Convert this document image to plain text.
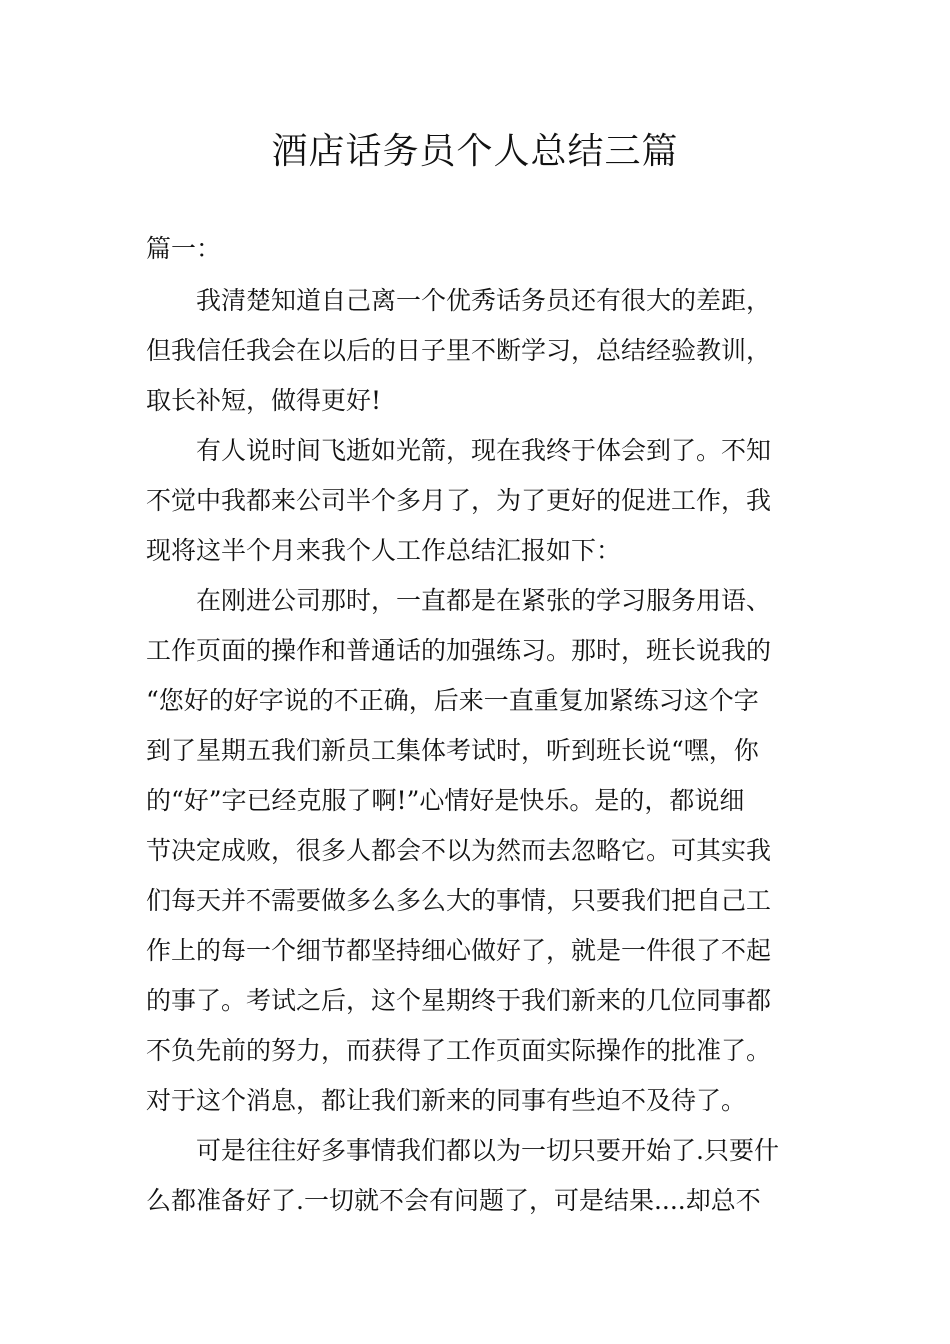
酒店话务员个人总结三篇

篇一：

我清楚知道自己离一个优秀话务员还有很大的差距，

但我信任我会在以后的日子里不断学习，总结经验教训，

取长补短，做得更好!

有人说时间飞逝如光箭，现在我终于体会到了。不知

不觉中我都来公司半个多月了，为了更好的促进工作，我

现将这半个月来我个人工作总结汇报如下：

在刚进公司那时，一直都是在紧张的学习服务用语、

工作页面的操作和普通话的加强练习。那时，班长说我的

“您好的好字说的不正确，后来一直重复加紧练习这个字

到了星期五我们新员工集体考试时，听到班长说“嘿，你

的“好”字已经克服了啊!”心情好是快乐。是的，都说细

节决定成败，很多人都会不以为然而去忽略它。可其实我

们每天并不需要做多么多么大的事情，只要我们把自己工

作上的每一个细节都坚持细心做好了，就是一件很了不起

的事了。考试之后，这个星期终于我们新来的几位同事都

不负先前的努力，而获得了工作页面实际操作的批准了。

对于这个消息，都让我们新来的同事有些迫不及待了。

可是往往好多事情我们都以为一切只要开始了.只要什

么都准备好了.一切就不会有问题了，可是结果....却总不
